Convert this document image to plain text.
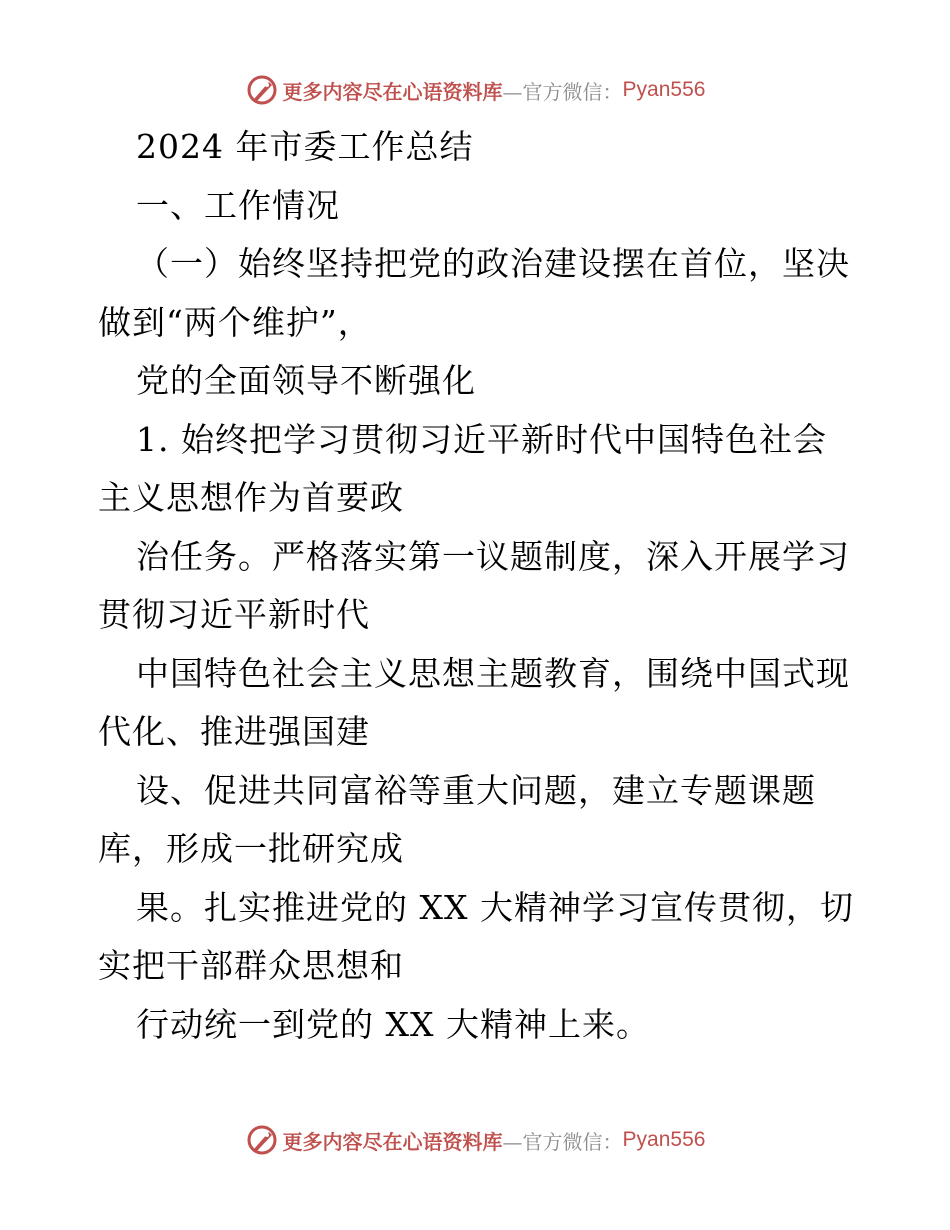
更多内容尽在心语资料库 —官方微信： Pyan556
2024 年市委工作总结
一、工作情况
（一）始终坚持把党的政治建设摆在首位，坚决
做到“两个维护”，
党的全面领导不断强化
1. 始终把学习贯彻习近平新时代中国特色社会
主义思想作为首要政
治任务。严格落实第一议题制度，深入开展学习
贯彻习近平新时代
中国特色社会主义思想主题教育，围绕中国式现
代化、推进强国建
设、促进共同富裕等重大问题，建立专题课题
库，形成一批研究成
果。扎实推进党的 XX 大精神学习宣传贯彻，切
实把干部群众思想和
行动统一到党的 XX 大精神上来。
更多内容尽在心语资料库 —官方微信： Pyan556
